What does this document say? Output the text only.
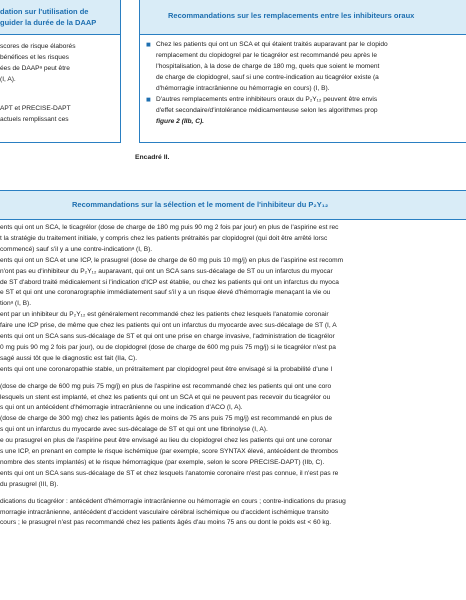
dation sur l'utilisation de
guider la durée de la DAAP
scores de risque élaborés
bénéfices et les risques
ées de DAAPᵃ peut être
(I, A).
APT et PRECISE-DAPT
actuels remplissant ces
Recommandations sur les remplacements entre les inhibiteurs oraux
■ Chez les patients qui ont un SCA et qui étaient traités auparavant par le clopido
remplacement du clopidogrel par le ticagrélor est recommandé peu après le
l'hospitalisation, à la dose de charge de 180 mg, quels que soient le moment
de charge de clopidogrel, sauf si une contre-indication au ticagrélor existe (a
d'hémorragie intracrânienne ou hémorragie en cours) (I, B).
■ D'autres remplacements entre inhibiteurs oraux du P₂Y₁₂ peuvent être envis
d'effet secondaire/d'intolérance médicamenteuse selon les algorithmes prop
figure 2 (IIb, C).
Encadré II.
Recommandations sur la sélection et le moment de l'inhibiteur du P₂Y₁₂
ents qui ont un SCA, le ticagrélor (dose de charge de 180 mg puis 90 mg 2 fois par jour) en plus de l'aspirine est rec
t la stratégie du traitement initiale, y compris chez les patients prétraités par clopidogrel (qui doit être arrêté lorsc
commencé) sauf s'il y a une contre-indicationᵃ (I, B).
ents qui ont un SCA et une ICP, le prasugrel (dose de charge de 60 mg puis 10 mg/j) en plus de l'aspirine est recomm
n'ont pas eu d'inhibiteur du P₂Y₁₂ auparavant, qui ont un SCA sans sus-décalage de ST ou un infarctus du myocar
de ST d'abord traité médicalement si l'indication d'ICP est établie, ou chez les patients qui ont un infarctus du myoca
e ST et qui ont une coronarographie immédiatement sauf s'il y a un risque élevé d'hémorragie menaçant la vie ou
tionᵃ (I, B).
ent par un inhibiteur du P₂Y₁₂ est généralement recommandé chez les patients chez lesquels l'anatomie coronair
faire une ICP prise, de même que chez les patients qui ont un infarctus du myocarde avec sus-décalage de ST (I, A
ents qui ont un SCA sans sus-décalage de ST et qui ont une prise en charge invasive, l'administration de ticagrélor
0 mg puis 90 mg 2 fois par jour), ou de clopidogrel (dose de charge de 600 mg puis 75 mg/j) si le ticagrélor n'est pa
sagé aussi tôt que le diagnostic est fait (IIa, C).
ents qui ont une coronaropathie stable, un prétraitement par clopidogrel peut être envisagé si la probabilité d'une I
(dose de charge de 600 mg puis 75 mg/j) en plus de l'aspirine est recommandé chez les patients qui ont une coro
lesquels un stent est implanté, et chez les patients qui ont un SCA et qui ne peuvent pas recevoir du ticagrélor ou
s qui ont un antécédent d'hémorragie intracrânienne ou une indication d'ACO (I, A).
(dose de charge de 300 mg) chez les patients âgés de moins de 75 ans puis 75 mg/j) est recommandé en plus de
s qui ont un infarctus du myocarde avec sus-décalage de ST et qui ont une fibrinolyse (I, A).
e ou prasugrel en plus de l'aspirine peut être envisagé au lieu du clopidogrel chez les patients qui ont une coronar
s une ICP, en prenant en compte le risque ischémique (par exemple, score SYNTAX élevé, antécédent de thrombos
nombre des stents implantés) et le risque hémorragique (par exemple, selon le score PRECISE-DAPT) (IIb, C).
ents qui ont un SCA sans sus-décalage de ST et chez lesquels l'anatomie coronaire n'est pas connue, il n'est pas re
du prasugrel (III, B).
dications du ticagrélor : antécédent d'hémorragie intracrânienne ou hémorragie en cours ; contre-indications du prasug
morragie intracrânienne, antécédent d'accident vasculaire cérébral ischémique ou d'accident ischémique transito
cours ; le prasugrel n'est pas recommandé chez les patients âgés d'au moins 75 ans ou dont le poids est < 60 kg.
